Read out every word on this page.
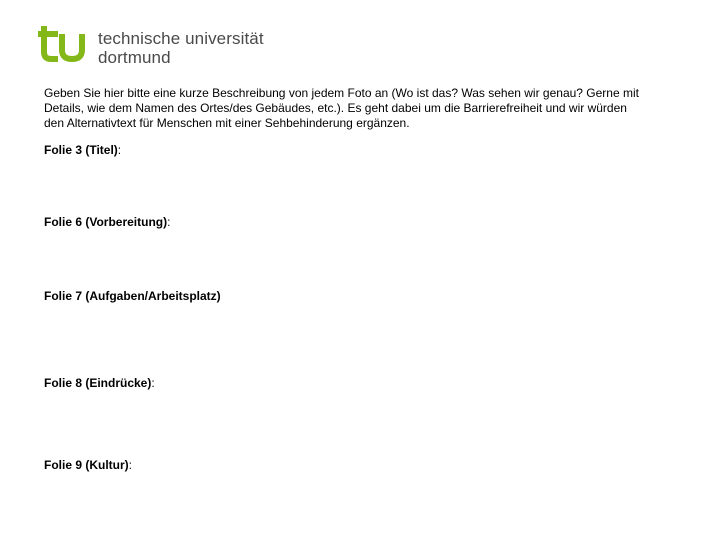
technische universität
dortmund

Geben Sie hier bitte eine kurze Beschreibung von jedem Foto an (Wo ist das? Was sehen wir genau? Gerne mit Details, wie dem Namen des Ortes/des Gebäudes, etc.). Es geht dabei um die Barrierefreiheit und wir würden den Alternativtext für Menschen mit einer Sehbehinderung ergänzen.

Folie 3 (Titel):

Folie 6 (Vorbereitung):

Folie 7 (Aufgaben/Arbeitsplatz)

Folie 8 (Eindrücke):

Folie 9 (Kultur):
